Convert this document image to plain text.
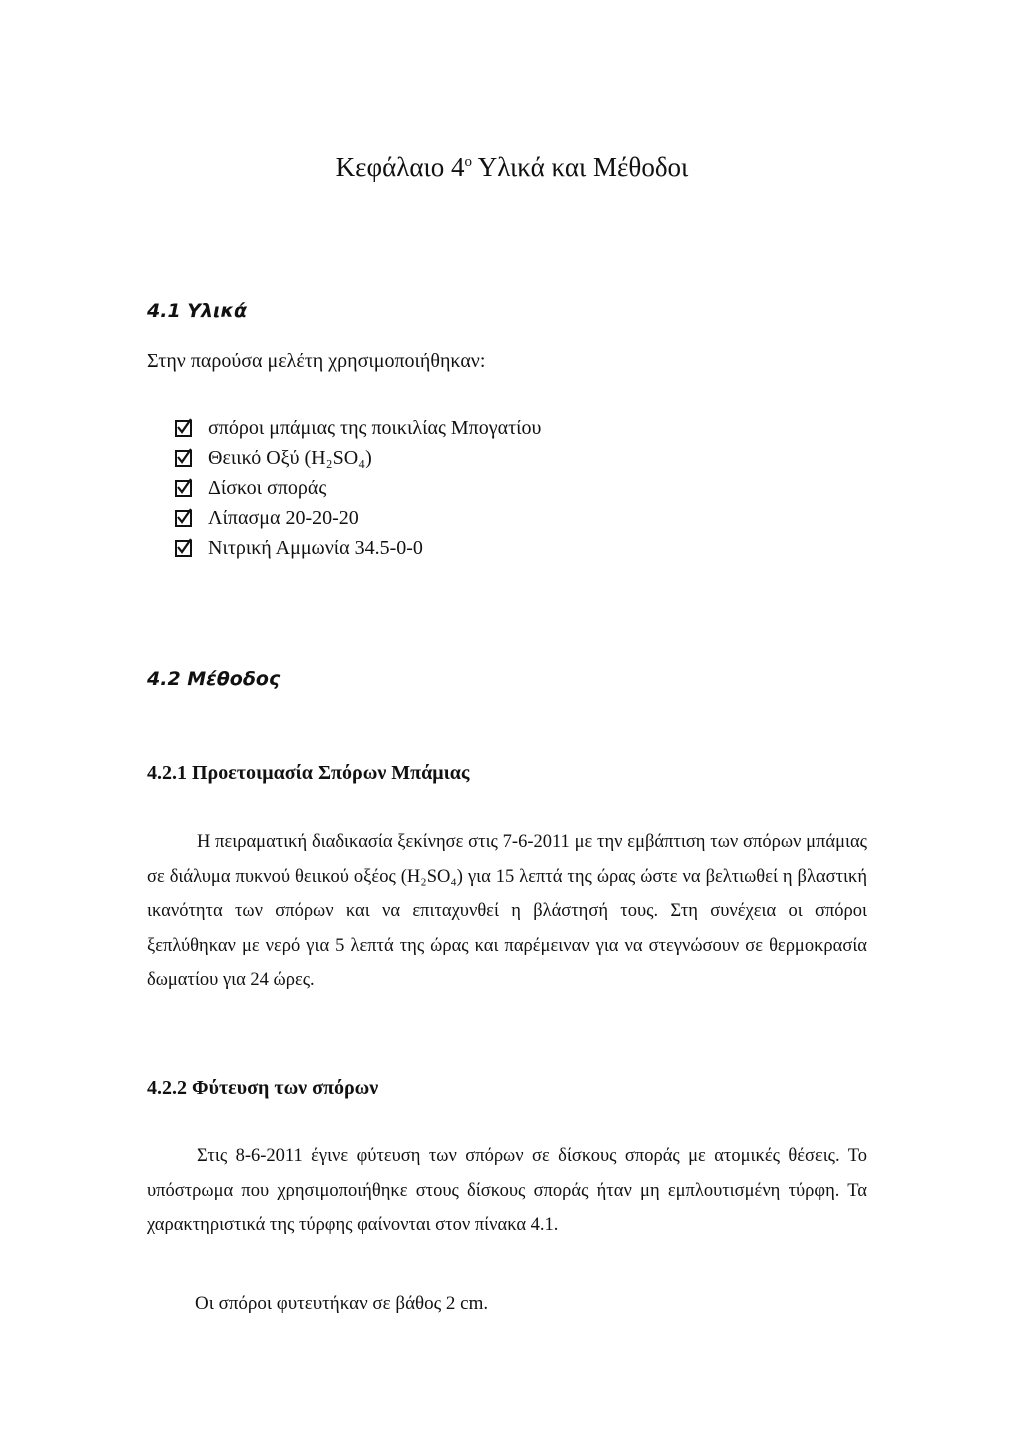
Κεφάλαιο $4^o$ Υλικά και Μέθοδοι
4.1 Υλικά

Στην παρούσα μελέτη χρησιμοποιήθηκαν:

σπόροι μπάμιας της ποικιλίας Μπογατίου
Θειικό Οξύ (H₂SO₄)
Δίσκοι σποράς
Λίπασμα 20-20-20
Νιτρική Αμμωνία 34.5-0-0
4.2 Μέθοδος
4.2.1 Προετοιμασία Σπόρων Μπάμιας

Η πειραματική διαδικασία ξεκίνησε στις 7-6-2011 με την εμβάπτιση των σπόρων μπάμιας σε διάλυμα πυκνού θειικού οξέος (H₂SO₄) για 15 λεπτά της ώρας ώστε να βελτιωθεί η βλαστική ικανότητα των σπόρων και να επιταχυνθεί η βλάστησή τους. Στη συνέχεια οι σπόροι ξεπλύθηκαν με νερό για 5 λεπτά της ώρας και παρέμειναν για να στεγνώσουν σε θερμοκρασία δωματίου για 24 ώρες.

4.2.2 Φύτευση των σπόρων

Στις 8-6-2011 έγινε φύτευση των σπόρων σε δίσκους σποράς με ατομικές θέσεις. Το υπόστρωμα που χρησιμοποιήθηκε στους δίσκους σποράς ήταν μη εμπλουτισμένη τύρφη. Τα χαρακτηριστικά της τύρφης φαίνονται στον πίνακα 4.1.

Οι σπόροι φυτευτήκαν σε βάθος 2 cm.
